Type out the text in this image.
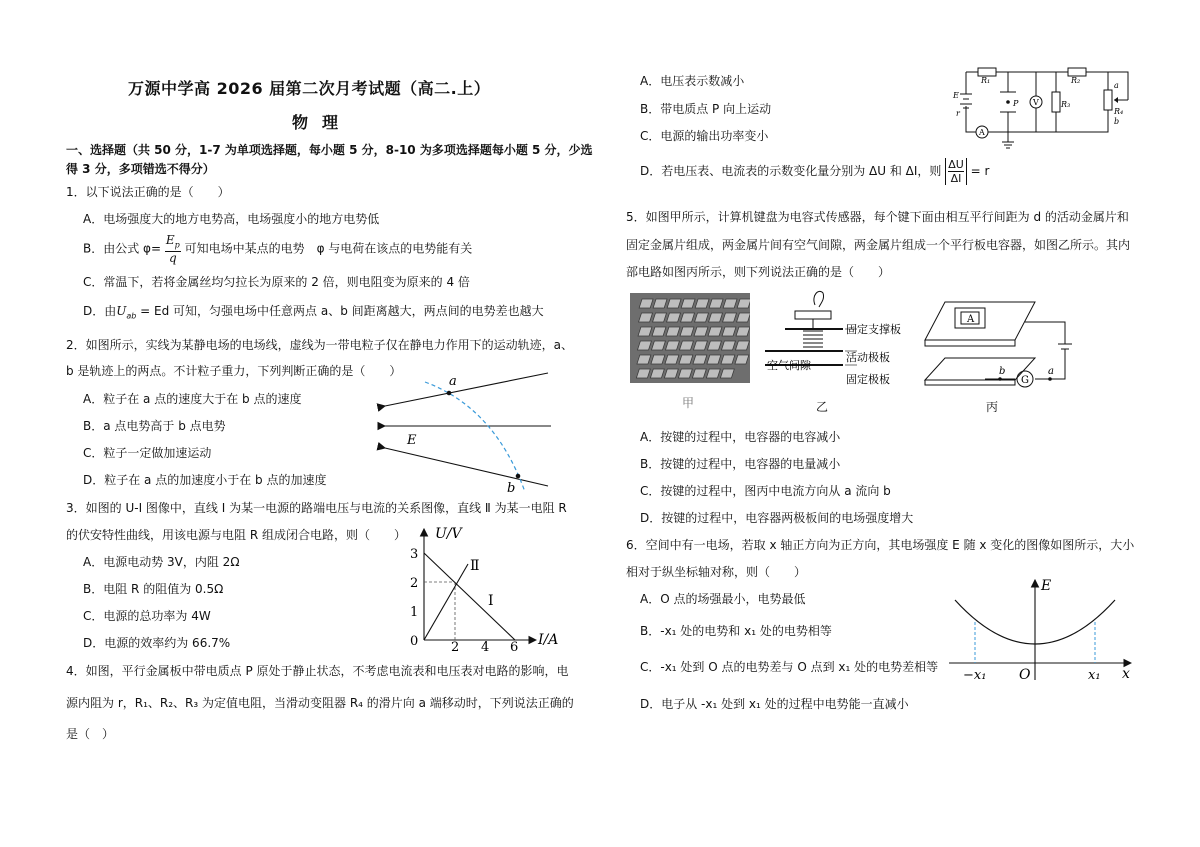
万源中学高 2026 届第二次月考试题（高二.上）
物理
一、选择题（共 50 分，1-7 为单项选择题，每小题 5 分，8-10 为多项选择题每小题 5 分，少选
得 3 分，多项错选不得分）
1．以下说法正确的是（　　）
A．电场强度大的地方电势高，电场强度小的地方电势低
B．由公式 $\varphi= \frac{E_p}{q}$ 可知电场中某点的电势　φ 与电荷在该点的电势能有关
C．常温下，若将金属丝均匀拉长为原来的 2 倍，则电阻变为原来的 4 倍
D．由$U_{ab} = Ed$ 可知，匀强电场中任意两点 a、b 间距离越大，两点间的电势差也越大
2．如图所示，实线为某静电场的电场线，虚线为一带电粒子仅在静电力作用下的运动轨迹，a、
b 是轨迹上的两点。不计粒子重力，下列判断正确的是（　　）
A．粒子在 a 点的速度大于在 b 点的速度
B．a 点电势高于 b 点电势
C．粒子一定做加速运动
D．粒子在 a 点的加速度小于在 b 点的加速度
a
b
E
3．如图的 U-I 图像中，直线 Ⅰ 为某一电源的路端电压与电流的关系图像，直线 Ⅱ 为某一电阻 R
的伏安特性曲线，用该电源与电阻 R 组成闭合电路，则（　　）
A．电源电动势 3V，内阻 2Ω
B．电阻 R 的阻值为 0.5Ω
C．电源的总功率为 4W
D．电源的效率约为 66.7%
U/V
I/A
3
2
1
0	2 4 6
Ⅰ
Ⅱ
4．如图，平行金属板中带电质点 P 原处于静止状态，不考虑电流表和电压表对电路的影响，电
源内阻为 r，R₁、R₂、R₃ 为定值电阻，当滑动变阻器 R₄ 的滑片向 a 端移动时，下列说法正确的
是（　）
A．电压表示数减小
B．带电质点 P 向上运动
C．电源的输出功率变小
D．若电压表、电流表的示数变化量分别为 ΔU 和 ΔI，则 $\frac{\Delta U}{\Delta I} = r$
R₁	R₂
R₃
R₄
E
r
P V
A
a
b
5．如图甲所示，计算机键盘为电容式传感器，每个键下面由相互平行间距为 d 的活动金属片和
固定金属片组成，两金属片间有空气间隙，两金属片组成一个平行板电容器，如图乙所示。其内
部电路如图丙所示，则下列说法正确的是（　　）
甲
固定支撑板
活动极板
空气间隙
固定极板
乙
A
G
a
b
丙
A．按键的过程中，电容器的电容减小
B．按键的过程中，电容器的电量减小
C．按键的过程中，图丙中电流方向从 a 流向 b
D．按键的过程中，电容器两极板间的电场强度增大
6．空间中有一电场，若取 x 轴正方向为正方向，其电场强度 E 随 x 变化的图像如图所示，大小
相对于纵坐标轴对称，则（　　）
A．O 点的场强最小，电势最低
B．-x₁ 处的电势和 x₁ 处的电势相等
C．-x₁ 处到 O 点的电势差与 O 点到 x₁ 处的电势差相等
D．电子从 -x₁ 处到 x₁ 处的过程中电势能一直减小
E
x
O
−x₁	x₁
